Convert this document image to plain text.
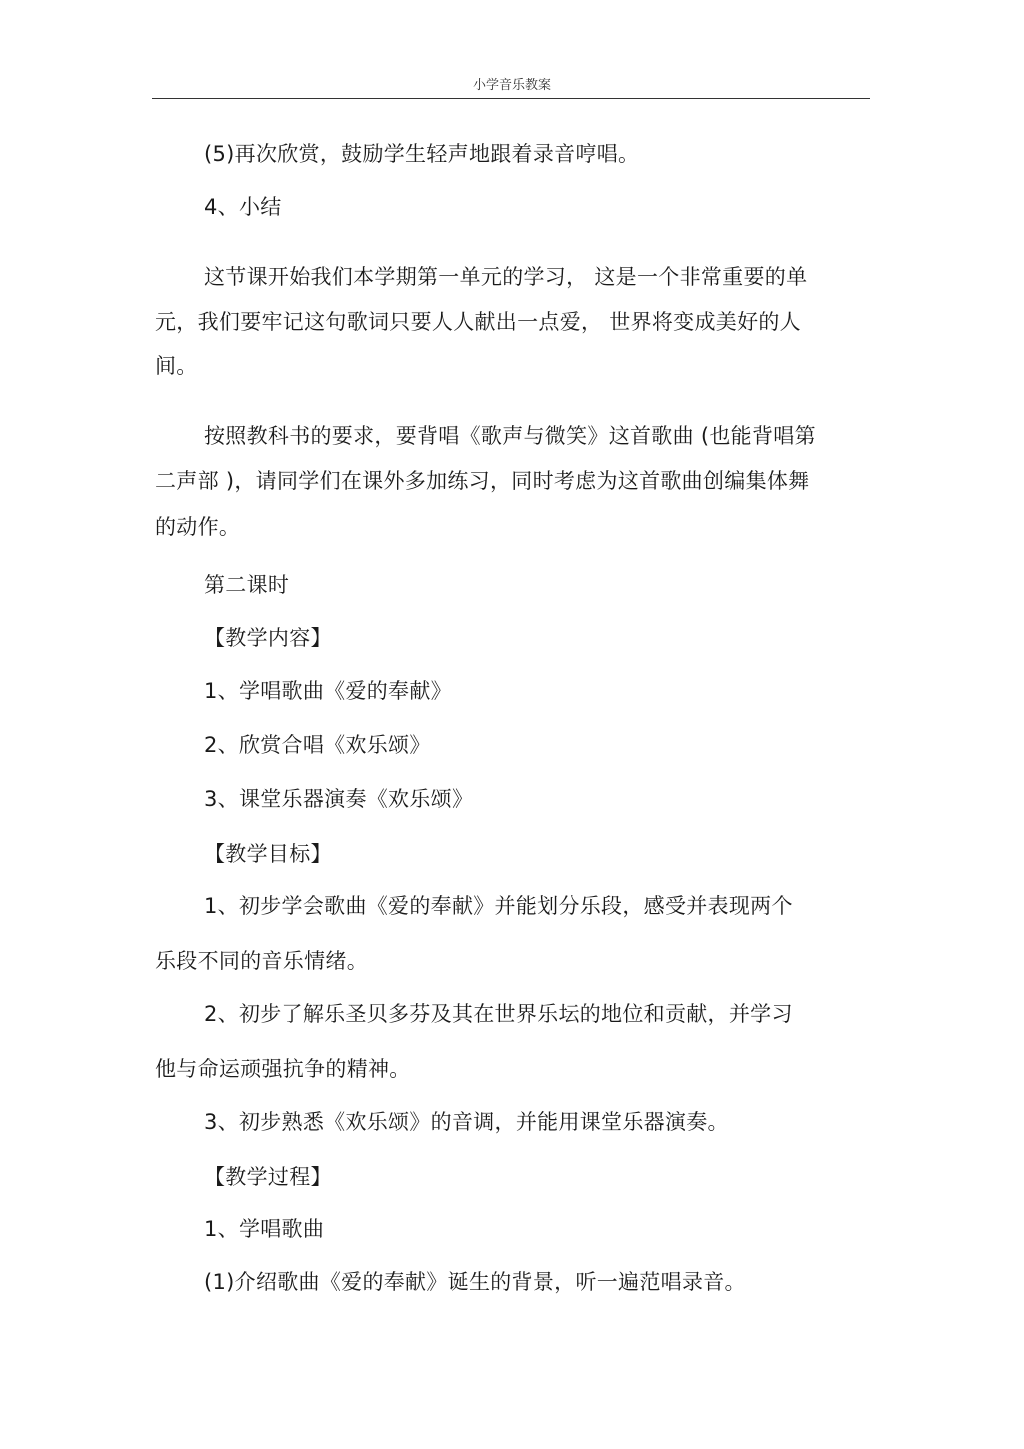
小学音乐教案
(5)再次欣赏，鼓励学生轻声地跟着录音哼唱。
4、小结
这节课开始我们本学期第一单元的学习， 这是一个非常重要的单
元，我们要牢记这句歌词只要人人献出一点爱， 世界将变成美好的人
间。
按照教科书的要求，要背唱《歌声与微笑》这首歌曲 (也能背唱第
二声部 )，请同学们在课外多加练习，同时考虑为这首歌曲创编集体舞
的动作。
第二课时
【教学内容】
1、学唱歌曲《爱的奉献》
2、欣赏合唱《欢乐颂》
3、课堂乐器演奏《欢乐颂》
【教学目标】
1、初步学会歌曲《爱的奉献》并能划分乐段，感受并表现两个
乐段不同的音乐情绪。
2、初步了解乐圣贝多芬及其在世界乐坛的地位和贡献，并学习
他与命运顽强抗争的精神。
3、初步熟悉《欢乐颂》的音调，并能用课堂乐器演奏。
【教学过程】
1、学唱歌曲
(1)介绍歌曲《爱的奉献》诞生的背景，听一遍范唱录音。
